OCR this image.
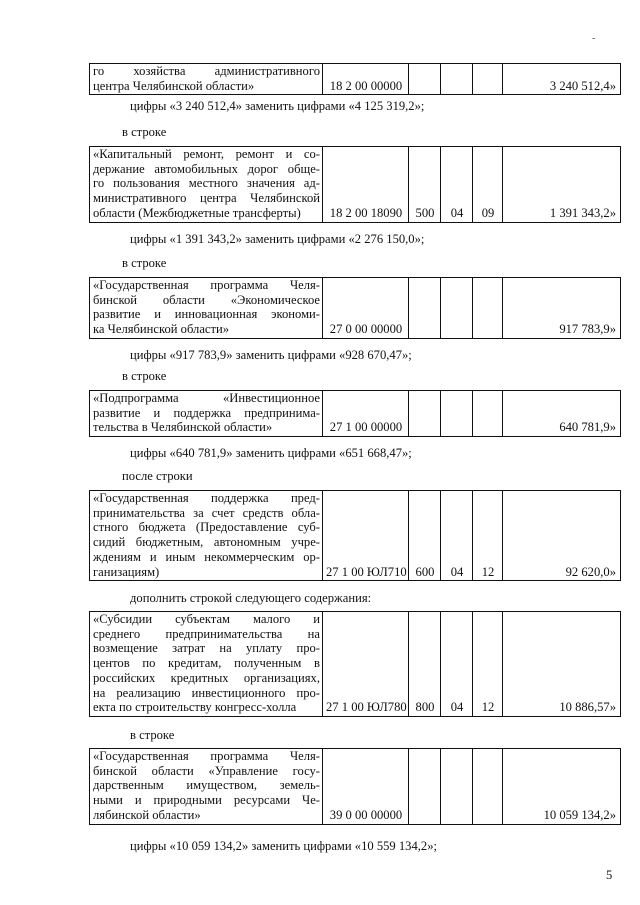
-
го хозяйства административного
центра Челябинской области»	18 2 00 00000				3 240 512,4»
цифры «3 240 512,4» заменить цифрами «4 125 319,2»;
в строке
«Капитальный ремонт, ремонт и со-
держание автомобильных дорог обще-
го пользования местного значения ад-
министративного центра Челябинской
области (Межбюджетные трансферты)	18 2 00 18090	500	04	09	1 391 343,2»
цифры «1 391 343,2» заменить цифрами «2 276 150,0»;
в строке
«Государственная программа Челя-
бинской области «Экономическое
развитие и инновационная экономи-
ка Челябинской области»	27 0 00 00000				917 783,9»
цифры «917 783,9» заменить цифрами «928 670,47»;
в строке
«Подпрограмма «Инвестиционное
развитие и поддержка предпринима-
тельства в Челябинской области»	27 1 00 00000				640 781,9»
цифры «640 781,9» заменить цифрами «651 668,47»;
после строки
«Государственная поддержка пред-
принимательства за счет средств обла-
стного бюджета (Предоставление суб-
сидий бюджетным, автономным учре-
ждениям и иным некоммерческим ор-
ганизациям)	27 1 00 ЮЛ710	600	04	12	92 620,0»
дополнить строкой следующего содержания:
«Субсидии субъектам малого и
среднего предпринимательства на
возмещение затрат на уплату про-
центов по кредитам, полученным в
российских кредитных организациях,
на реализацию инвестиционного про-
екта по строительству конгресс-холла	27 1 00 ЮЛ780	800	04	12	10 886,57»
в строке
«Государственная программа Челя-
бинской области «Управление госу-
дарственным имуществом, земель-
ными и природными ресурсами Че-
лябинской области»	39 0 00 00000				10 059 134,2»
цифры «10 059 134,2» заменить цифрами «10 559 134,2»;
5
